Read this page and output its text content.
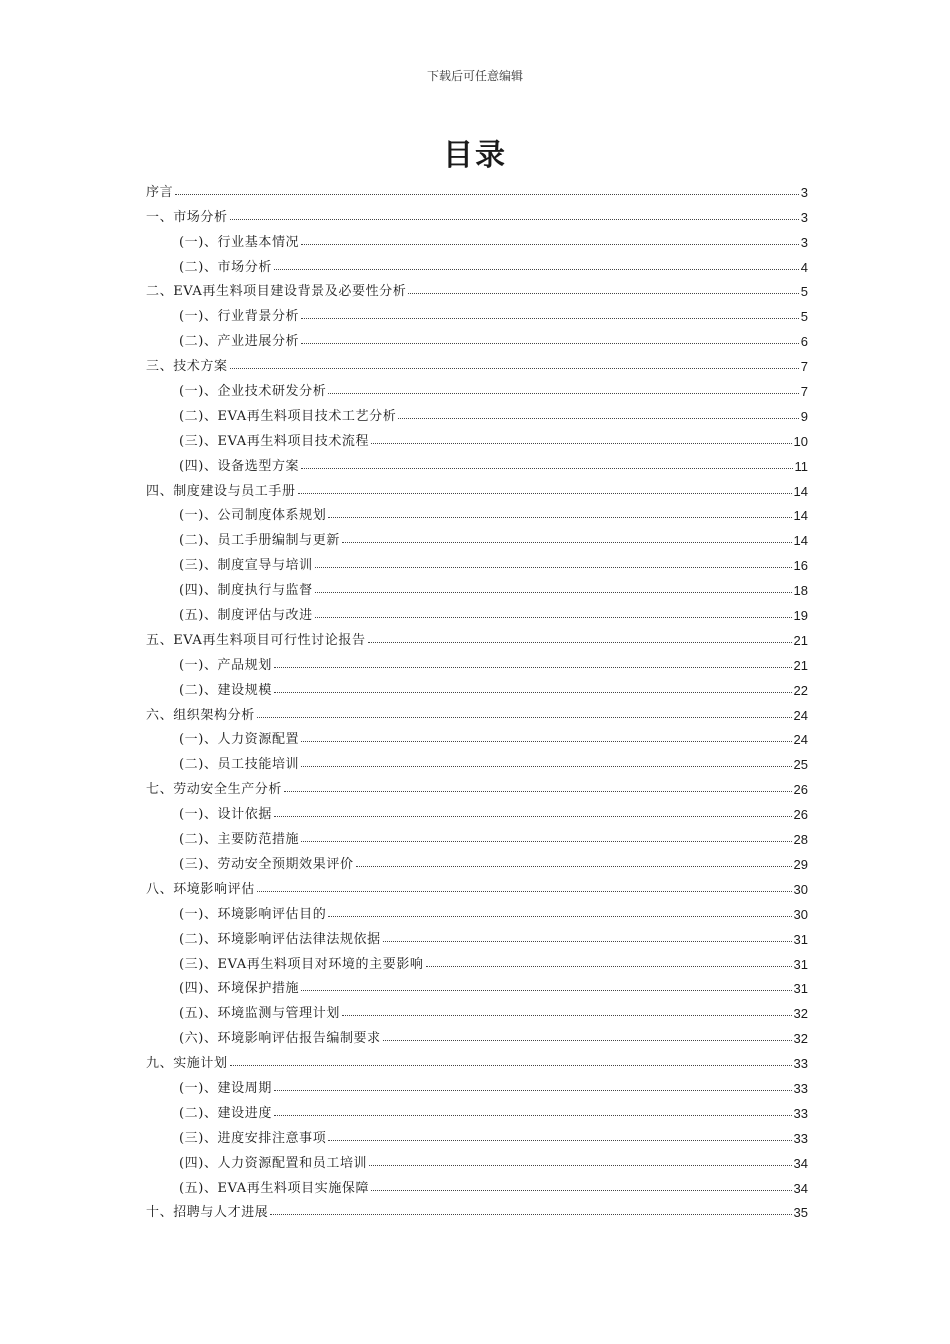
下载后可任意编辑
目录
序言	3
一、市场分析	3
(一)、行业基本情况	3
(二)、市场分析	4
二、EVA再生料项目建设背景及必要性分析	5
(一)、行业背景分析	5
(二)、产业进展分析	6
三、技术方案	7
(一)、企业技术研发分析	7
(二)、EVA再生料项目技术工艺分析	9
(三)、EVA再生料项目技术流程	10
(四)、设备选型方案	11
四、制度建设与员工手册	14
(一)、公司制度体系规划	14
(二)、员工手册编制与更新	14
(三)、制度宣导与培训	16
(四)、制度执行与监督	18
(五)、制度评估与改进	19
五、EVA再生料项目可行性讨论报告	21
(一)、产品规划	21
(二)、建设规模	22
六、组织架构分析	24
(一)、人力资源配置	24
(二)、员工技能培训	25
七、劳动安全生产分析	26
(一)、设计依据	26
(二)、主要防范措施	28
(三)、劳动安全预期效果评价	29
八、环境影响评估	30
(一)、环境影响评估目的	30
(二)、环境影响评估法律法规依据	31
(三)、EVA再生料项目对环境的主要影响	31
(四)、环境保护措施	31
(五)、环境监测与管理计划	32
(六)、环境影响评估报告编制要求	32
九、实施计划	33
(一)、建设周期	33
(二)、建设进度	33
(三)、进度安排注意事项	33
(四)、人力资源配置和员工培训	34
(五)、EVA再生料项目实施保障	34
十、招聘与人才进展	35
